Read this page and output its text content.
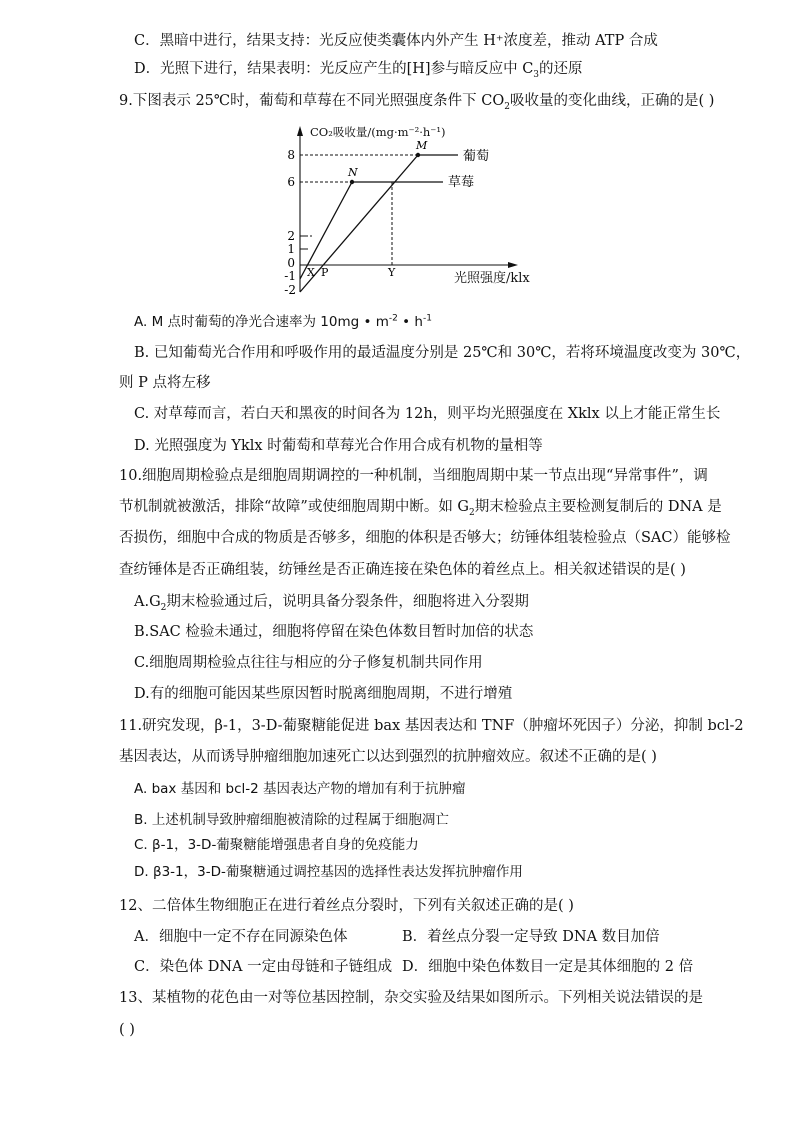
C．黑暗中进行，结果支持：光反应使类囊体内外产生 H⁺浓度差，推动 ATP 合成
D．光照下进行，结果表明：光反应产生的[H]参与暗反应中 $C_3$的还原
9.下图表示 25℃时，葡萄和草莓在不同光照强度条件下 $CO_2$吸收量的变化曲线，正确的是( )
CO₂吸收量/(mg·m⁻²·h⁻¹)
光照强度/klx
8
6
2
1
0
-1
-2
N
草莓
M
葡萄
X P	Y
A. M 点时葡萄的净光合速率为 10mg • $m^{-2}$ • $h^{-1}$
B. 已知葡萄光合作用和呼吸作用的最适温度分别是 25℃和 30℃，若将环境温度改变为 30℃，
则 P 点将左移
C. 对草莓而言，若白天和黑夜的时间各为 12h，则平均光照强度在 Xklx 以上才能正常生长
D. 光照强度为 Yklx 时葡萄和草莓光合作用合成有机物的量相等
10.细胞周期检验点是细胞周期调控的一种机制，当细胞周期中某一节点出现“异常事件”，调
节机制就被激活，排除“故障”或使细胞周期中断。如 $G_2$期末检验点主要检测复制后的 DNA 是
否损伤，细胞中合成的物质是否够多，细胞的体积是否够大；纺锤体组装检验点（SAC）能够检
查纺锤体是否正确组装，纺锤丝是否正确连接在染色体的着丝点上。相关叙述错误的是( )
$A.G_2$期末检验通过后，说明具备分裂条件，细胞将进入分裂期
B.SAC 检验未通过，细胞将停留在染色体数目暂时加倍的状态
C.细胞周期检验点往往与相应的分子修复机制共同作用
D.有的细胞可能因某些原因暂时脱离细胞周期，不进行增殖
11.研究发现，β-1，3-D-葡聚糖能促进 bax 基因表达和 TNF（肿瘤坏死因子）分泌，抑制 bcl-2
基因表达，从而诱导肿瘤细胞加速死亡以达到强烈的抗肿瘤效应。叙述不正确的是( )
A. bax 基因和 bcl-2 基因表达产物的增加有利于抗肿瘤
B. 上述机制导致肿瘤细胞被清除的过程属于细胞凋亡
C. β-1，3-D-葡聚糖能增强患者自身的免疫能力
D. β3-1，3-D-葡聚糖通过调控基因的选择性表达发挥抗肿瘤作用
12、二倍体生物细胞正在进行着丝点分裂时，下列有关叙述正确的是( )
A．细胞中一定不存在同源染色体	B．着丝点分裂一定导致 DNA 数目加倍
C．染色体 DNA 一定由母链和子链组成 D．细胞中染色体数目一定是其体细胞的 2 倍
13、某植物的花色由一对等位基因控制，杂交实验及结果如图所示。下列相关说法错误的是
( )
